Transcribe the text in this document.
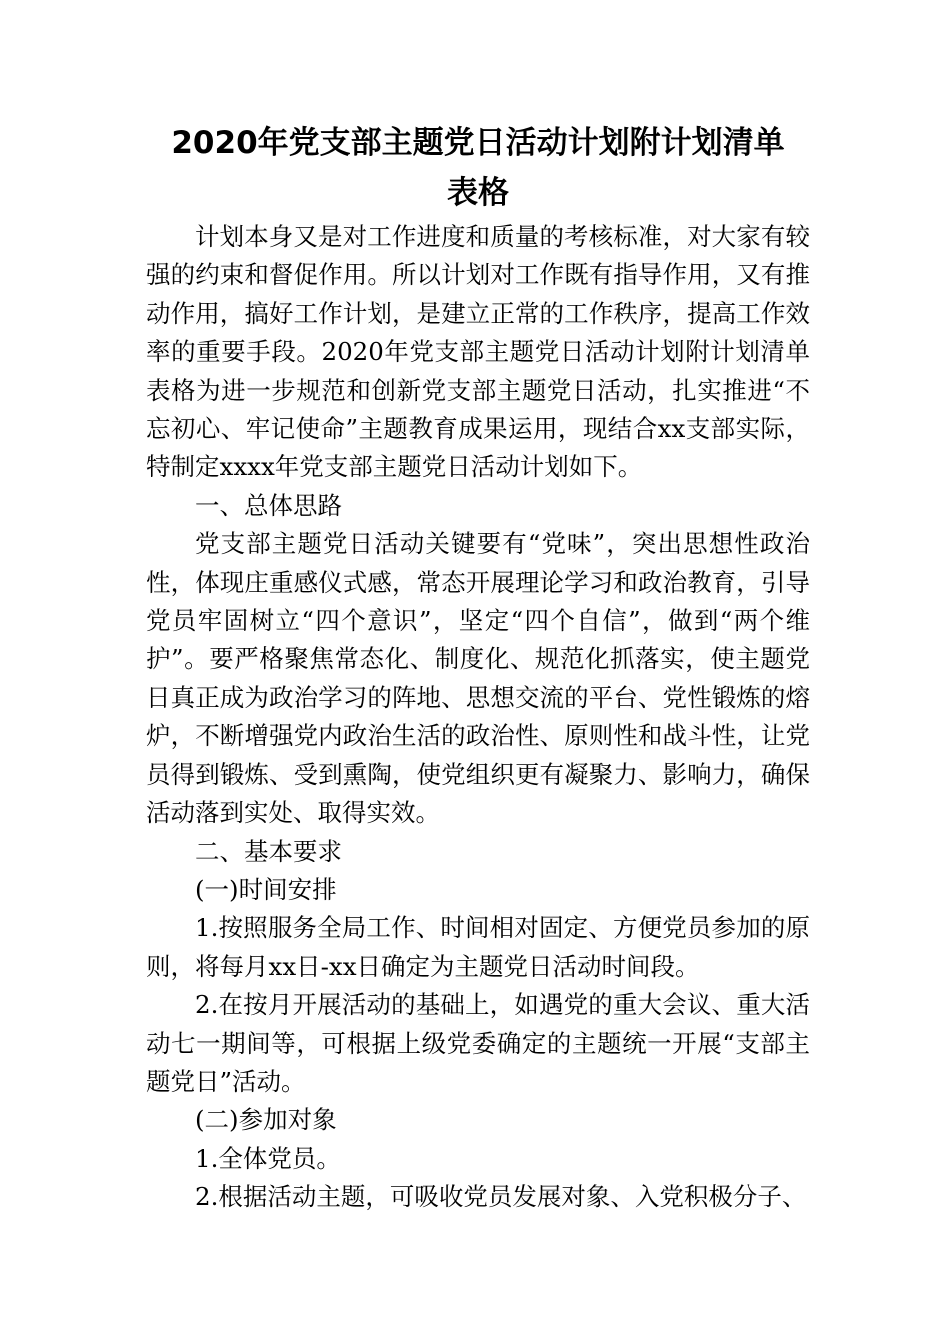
2020年党支部主题党日活动计划附计划清单
表格

计划本身又是对工作进度和质量的考核标准，对大家有较强的约束和督促作用。所以计划对工作既有指导作用，又有推动作用，搞好工作计划，是建立正常的工作秩序，提高工作效率的重要手段。2020年党支部主题党日活动计划附计划清单表格为进一步规范和创新党支部主题党日活动，扎实推进“不忘初心、牢记使命”主题教育成果运用，现结合xx支部实际，特制定xxxx年党支部主题党日活动计划如下。

一、总体思路

党支部主题党日活动关键要有“党味”，突出思想性政治性，体现庄重感仪式感，常态开展理论学习和政治教育，引导党员牢固树立“四个意识”，坚定“四个自信”，做到“两个维护”。要严格聚焦常态化、制度化、规范化抓落实，使主题党日真正成为政治学习的阵地、思想交流的平台、党性锻炼的熔炉，不断增强党内政治生活的政治性、原则性和战斗性，让党员得到锻炼、受到熏陶，使党组织更有凝聚力、影响力，确保活动落到实处、取得实效。

二、基本要求

(一)时间安排

1.按照服务全局工作、时间相对固定、方便党员参加的原则，将每月xx日-xx日确定为主题党日活动时间段。

2.在按月开展活动的基础上，如遇党的重大会议、重大活动七一期间等，可根据上级党委确定的主题统一开展“支部主题党日”活动。

(二)参加对象

1.全体党员。

2.根据活动主题，可吸收党员发展对象、入党积极分子、
